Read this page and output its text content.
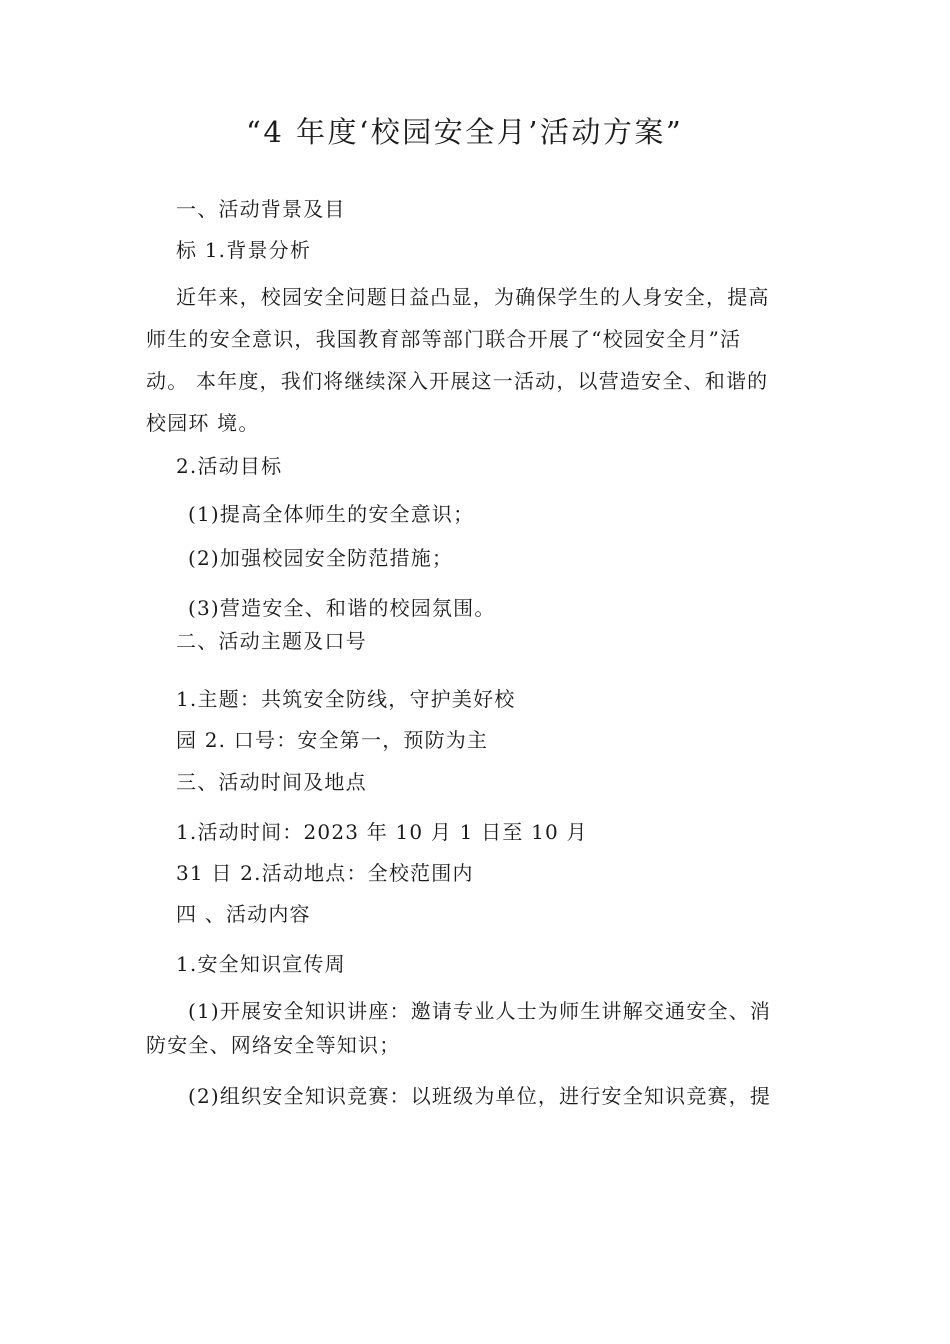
“4 年度‘校园安全月’活动方案”
一、活动背景及目
标 1.背景分析
近年来，校园安全问题日益凸显，为确保学生的人身安全，提高
师生的安全意识，我国教育部等部门联合开展了“校园安全月”活
动。 本年度，我们将继续深入开展这一活动，以营造安全、和谐的
校园环 境。
2.活动目标
(1)提高全体师生的安全意识；
(2)加强校园安全防范措施；
(3)营造安全、和谐的校园氛围。
二、活动主题及口号
1.主题：共筑安全防线，守护美好校
园 2. 口号：安全第一，预防为主
三、活动时间及地点
1.活动时间：2023 年 10 月 1 日至 10 月
31 日 2.活动地点：全校范围内
四 、活动内容
1.安全知识宣传周
(1)开展安全知识讲座：邀请专业人士为师生讲解交通安全、消
防安全、网络安全等知识；
(2)组织安全知识竞赛：以班级为单位，进行安全知识竞赛，提
